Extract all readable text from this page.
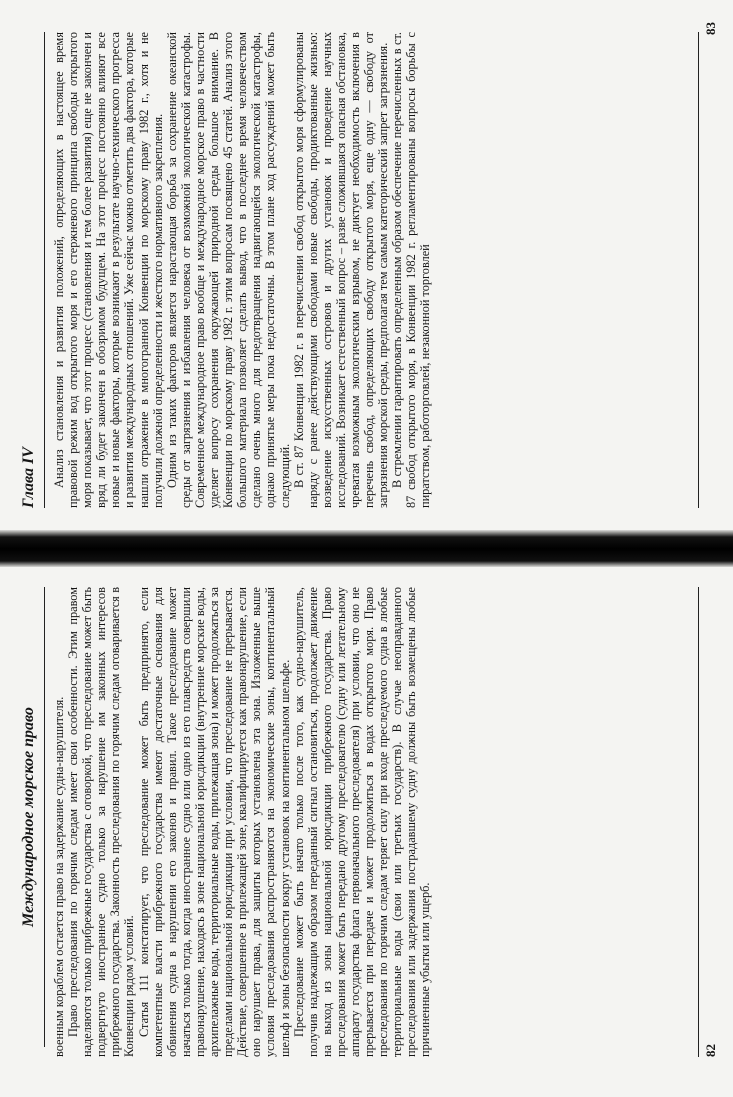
Международное морское право	военным кораблем остается право на задержание судна-нарушителя. Право преследования по горячим следам имеет свои особенности. Этим правом наделяются только прибрежные государства с оговоркой, что преследование может быть подвергнуто иностранное судно только за нарушение им законных интересов прибрежного государства. Законность преследования по горячим следам оговаривается в Конвенции рядом условий. Статья 111 констатирует, что преследование может быть предпринято, если компетентные власти прибрежного государства имеют достаточные основания для обвинения судна в нарушении его законов и правил. Такое преследование может начаться только тогда, когда иностранное судно или одно из его плавсредств совершили правонарушение, находясь в зоне национальной юрисдикции (внутренние морские воды, архипелажные воды, территориальные воды, прилежащая зона) и может продолжаться за пределами национальной юрисдикции при условии, что преследование не прерывается. Действие, совершенное в прилежащей зоне, квалифицируется как правонарушение, если оно нарушает права, для защиты которых установлена эта зона. Изложенные выше условия преследования распространяются на экономические зоны, континентальный шельф и зоны безопасности вокруг установок на континентальном шельфе. Преследование может быть начато только после того, как судно-нарушитель, получив надлежащим образом переданный сигнал остановиться, продолжает движение на выход из зоны национальной юрисдикции прибрежного государства. Право преследования может быть передано другому преследователю (судну или летательному аппарату государства флага первоначального преследователя) при условии, что оно не прерывается при передаче и может продолжиться в водах открытого моря. Право преследования по горячим следам теряет силу при входе преследуемого судна в любые территориальные воды (свои или третьих государств). В случае неоправданного преследования или задержания пострадавшему судну должны быть возмещены любые причиненные убытки или ущерб.	82
Глава IV	Анализ становления и развития положений, определяющих в настоящее время правовой режим вод открытого моря и его стержневого принципа свободы открытого моря показывает, что этот процесс (становления и тем более развития) еще не закончен и вряд ли будет закончен в обозримом будущем. На этот процесс постоянно влияют все новые и новые факторы, которые возникают в результате научно-технического прогресса и развития международных отношений. Уже сейчас можно отметить два фактора, которые нашли отражение в многогранной Конвенции по морскому праву 1982 г., хотя и не получили должной определенности и жесткого нормативного закрепления. Одним из таких факторов является нарастающая борьба за сохранение океанской среды от загрязнения и избавления человека от возможной экологической катастрофы. Современное международное право вообще и международное морское право в частности уделяет вопросу сохранения окружающей природной среды большое внимание. В Конвенции по морскому праву 1982 г. этим вопросам посвящено 45 статей. Анализ этого большого материала позволяет сделать вывод, что в последнее время человечеством сделано очень много для предотвращения надвигающейся экологической катастрофы, однако принятые меры пока недостаточны. В этом плане ход рассуждений может быть следующий. В ст. 87 Конвенции 1982 г. в перечислении свобод открытого моря сформулированы наряду с ранее действующими свободами новые свободы, продиктованные жизнью: возведение искусственных островов и других установок и проведение научных исследований. Возникает естественный вопрос – разве сложившаяся опасная обстановка, чреватая возможным экологическим взрывом, не диктует необходимость включения в перечень свобод, определяющих свободу открытого моря, еще одну — свободу от загрязнения морской среды, предполагая тем самым категорический запрет загрязнения. В стремлении гарантировать определенным образом обеспечение перечисленных в ст. 87 свобод открытого моря, в Конвенции 1982 г. регламентированы вопросы борьбы с пиратством, работорговлей, незаконной торговлей

83
